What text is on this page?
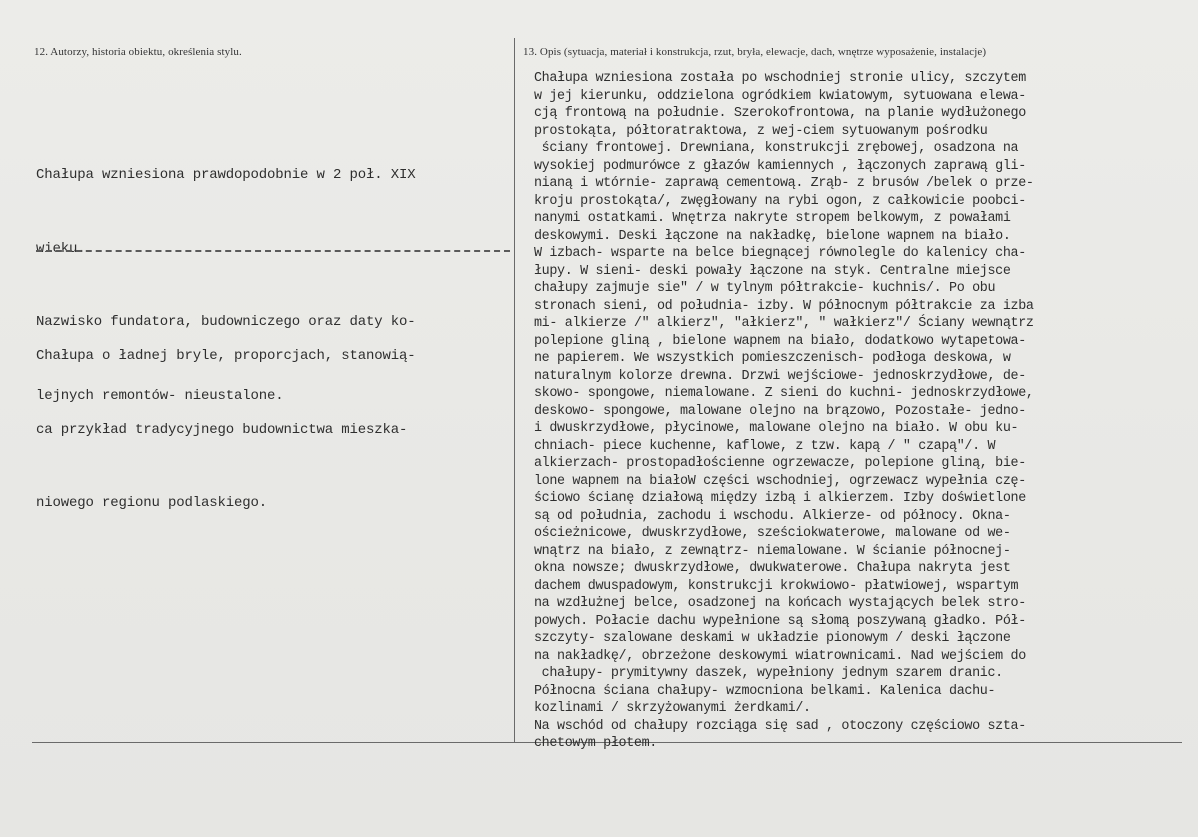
12. Autorzy, historia obiektu, określenia stylu.	13. Opis (sytuacja, materiał i konstrukcja, rzut, bryła, elewacje, dach, wnętrze wyposażenie, instalacje)

Chałupa wzniesiona prawdopodobnie w 2 poł. XIX

wieku.

Nazwisko fundatora, budowniczego oraz daty ko-

lejnych remontów- nieustalone.

Chałupa o ładnej bryle, proporcjach, stanowią-

ca przykład tradycyjnego budownictwa mieszka-

niowego regionu podlaskiego.

Chałupa wzniesiona została po wschodniej stronie ulicy, szczytem
w jej kierunku, oddzielona ogródkiem kwiatowym, sytuowana elewa-
cją frontową na południe. Szerokofrontowa, na planie wydłużonego
prostokąta, półtoratraktowa, z wej-ciem sytuowanym pośrodku
ściany frontowej. Drewniana, konstrukcji zrębowej, osadzona na
wysokiej podmurówce z głazów kamiennych , łączonych zaprawą gli-
nianą i wtórnie- zaprawą cementową. Zrąb- z brusów /belek o prze-
kroju prostokąta/, zwęgłowany na rybi ogon, z całkowicie poobci-
nanymi ostatkami. Wnętrza nakryte stropem belkowym, z powałami
deskowymi. Deski łączone na nakładkę, bielone wapnem na biało.
W izbach- wsparte na belce biegnącej równolegle do kalenicy cha-
łupy. W sieni- deski powały łączone na styk. Centralne miejsce
chałupy zajmuje sie" / w tylnym półtrakcie- kuchnis/. Po obu
stronach sieni, od południa- izby. W północnym półtrakcie za izba
mi- alkierze /" alkierz", "ałkierz", " wałkierz"/ Ściany wewnątrz
polepione gliną , bielone wapnem na biało, dodatkowo wytapetowa-
ne papierem. We wszystkich pomieszczenisch- podłoga deskowa, w
naturalnym kolorze drewna. Drzwi wejściowe- jednoskrzydłowe, de-
skowo- spongowe, niemalowane. Z sieni do kuchni- jednoskrzydłowe,
deskowo- spongowe, malowane olejno na brązowo, Pozostałe- jedno-
i dwuskrzydłowe, płycinowe, malowane olejno na biało. W obu ku-
chniach- piece kuchenne, kaflowe, z tzw. kapą / " czapą"/. W
alkierzach- prostopadłościenne ogrzewacze, polepione gliną, bie-
lone wapnem na białoW części wschodniej, ogrzewacz wypełnia czę-
ściowo ścianę działową między izbą i alkierzem. Izby doświetlone
są od południa, zachodu i wschodu. Alkierze- od północy. Okna-
ościeżnicowe, dwuskrzydłowe, sześciokwaterowe, malowane od we-
wnątrz na biało, z zewnątrz- niemalowane. W ścianie północnej-
okna nowsze; dwuskrzydłowe, dwukwaterowe. Chałupa nakryta jest
dachem dwuspadowym, konstrukcji krokwiowo- płatwiowej, wspartym
na wzdłużnej belce, osadzonej na końcach wystających belek stro-
powych. Połacie dachu wypełnione są słomą poszywaną gładko. Pół-
szczyty- szalowane deskami w układzie pionowym / deski łączone
na nakładkę/, obrzeżone deskowymi wiatrownicami. Nad wejściem do
chałupy- prymitywny daszek, wypełniony jednym szarem dranic.
Północna ściana chałupy- wzmocniona belkami. Kalenica dachu-
kozlinami / skrzyżowanymi żerdkami/.
Na wschód od chałupy rozciąga się sad , otoczony częściowo szta-
chetowym płotem.
